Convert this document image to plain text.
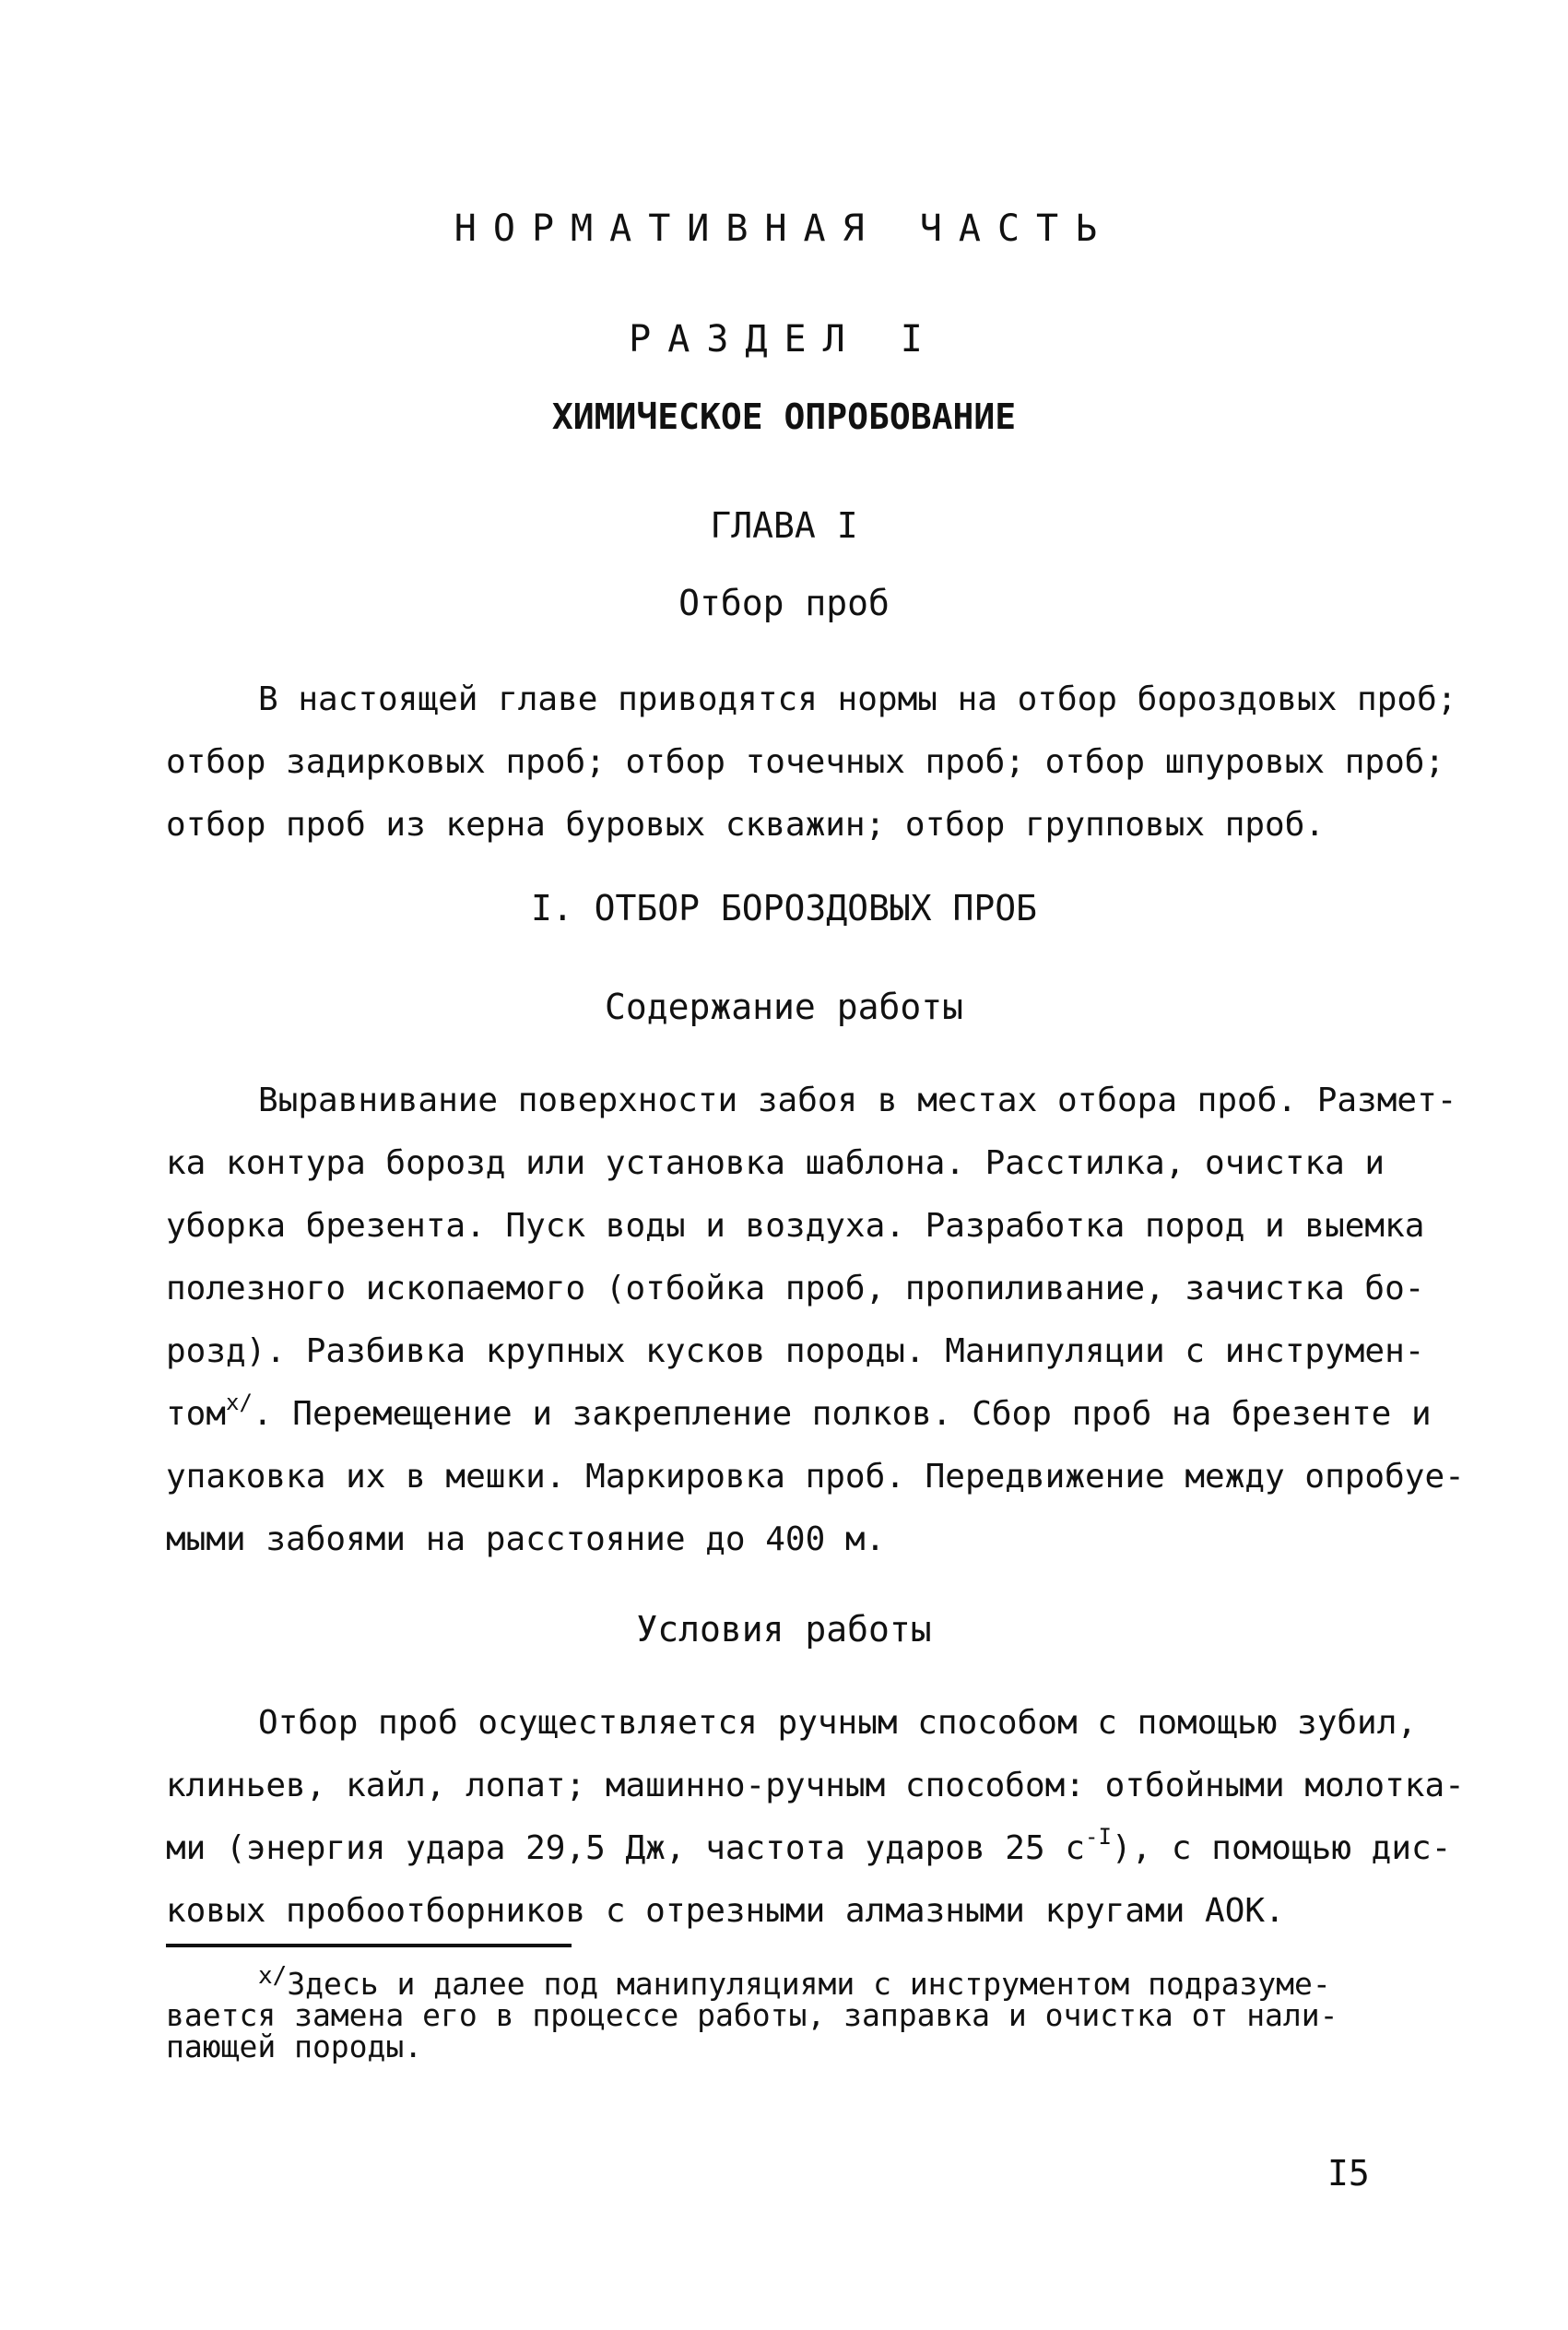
НОРМАТИВНАЯ ЧАСТЬ
РАЗДЕЛ I
ХИМИЧЕСКОЕ ОПРОБОВАНИЕ
ГЛАВА I
Отбор проб
В настоящей главе приводятся нормы на отбор бороздовых проб;
отбор задирковых проб; отбор точечных проб; отбор шпуровых проб;
отбор проб из керна буровых скважин; отбор групповых проб.
I. ОТБОР БОРОЗДОВЫХ ПРОБ
Содержание работы
Выравнивание поверхности забоя в местах отбора проб. Размет-
ка контура борозд или установка шаблона. Расстилка, очистка и
уборка брезента. Пуск воды и воздуха. Разработка пород и выемка
полезного ископаемого (отбойка проб, пропиливание, зачистка бо-
розд). Разбивка крупных кусков породы. Манипуляции с инструмен-
том$^{х/}$. Перемещение и закрепление полков. Сбор проб на брезенте и
упаковка их в мешки. Маркировка проб. Передвижение между опробуе-
мыми забоями на расстояние до 400 м.
Условия работы
Отбор проб осуществляется ручным способом с помощью зубил,
клиньев, кайл, лопат; машинно-ручным способом: отбойными молотка-
ми (энергия удара 29,5 Дж, частота ударов 25 $с^{-I}$), с помощью дис-
ковых пробоотборников с отрезными алмазными кругами АОК.
$^{х/}$Здесь и далее под манипуляциями с инструментом подразуме-
вается замена его в процессе работы, заправка и очистка от нали-
пающей породы.
I5
